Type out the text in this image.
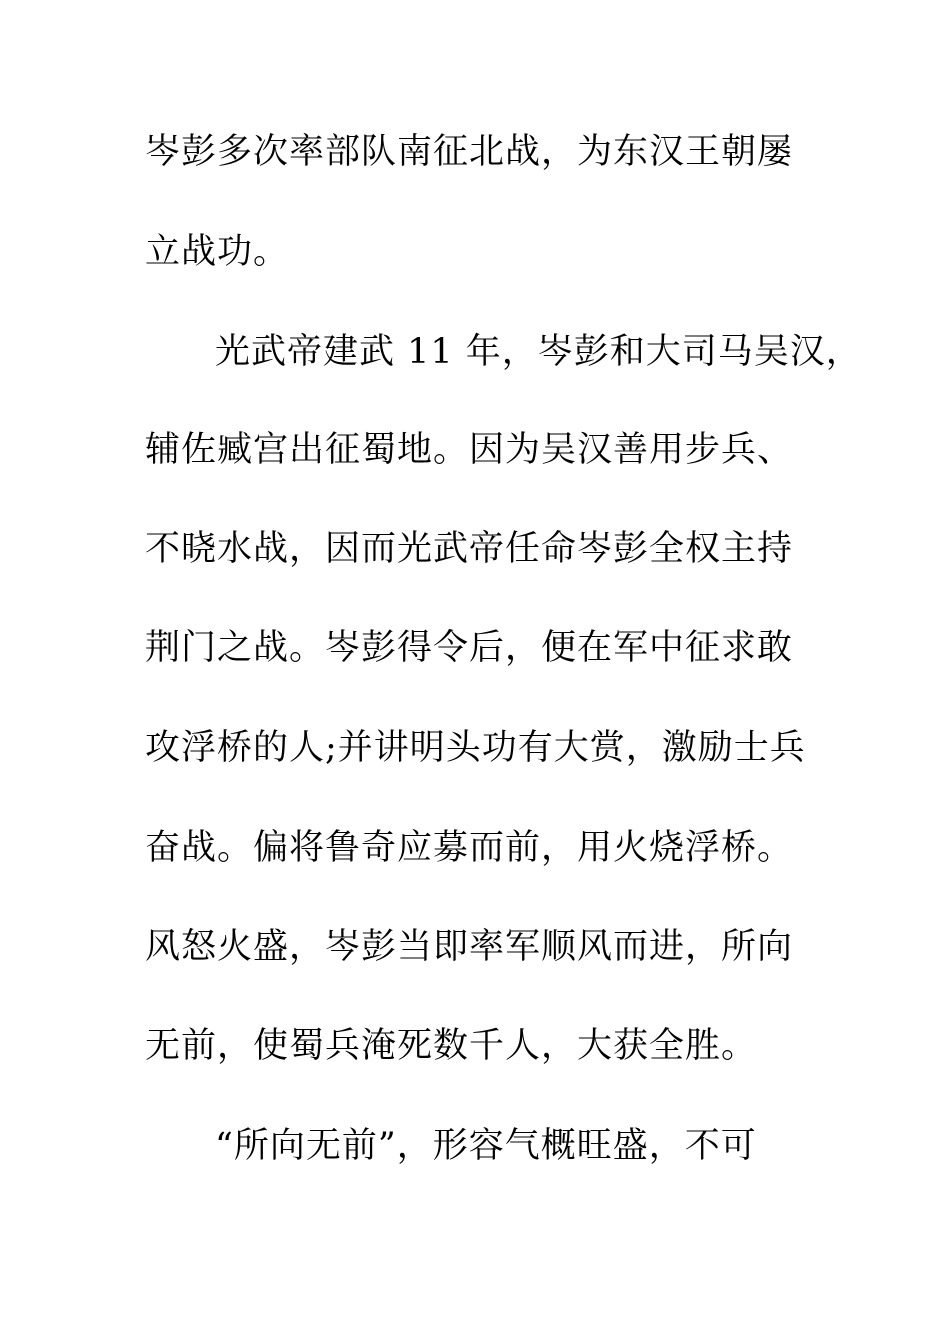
岑彭多次率部队南征北战，为东汉王朝屡
立战功。
光武帝建武 11 年，岑彭和大司马吴汉，
辅佐臧宫出征蜀地。因为吴汉善用步兵、
不晓水战，因而光武帝任命岑彭全权主持
荆门之战。岑彭得令后，便在军中征求敢
攻浮桥的人;并讲明头功有大赏，激励士兵
奋战。偏将鲁奇应募而前，用火烧浮桥。
风怒火盛，岑彭当即率军顺风而进，所向
无前，使蜀兵淹死数千人，大获全胜。
“所向无前”，形容气概旺盛，不可
